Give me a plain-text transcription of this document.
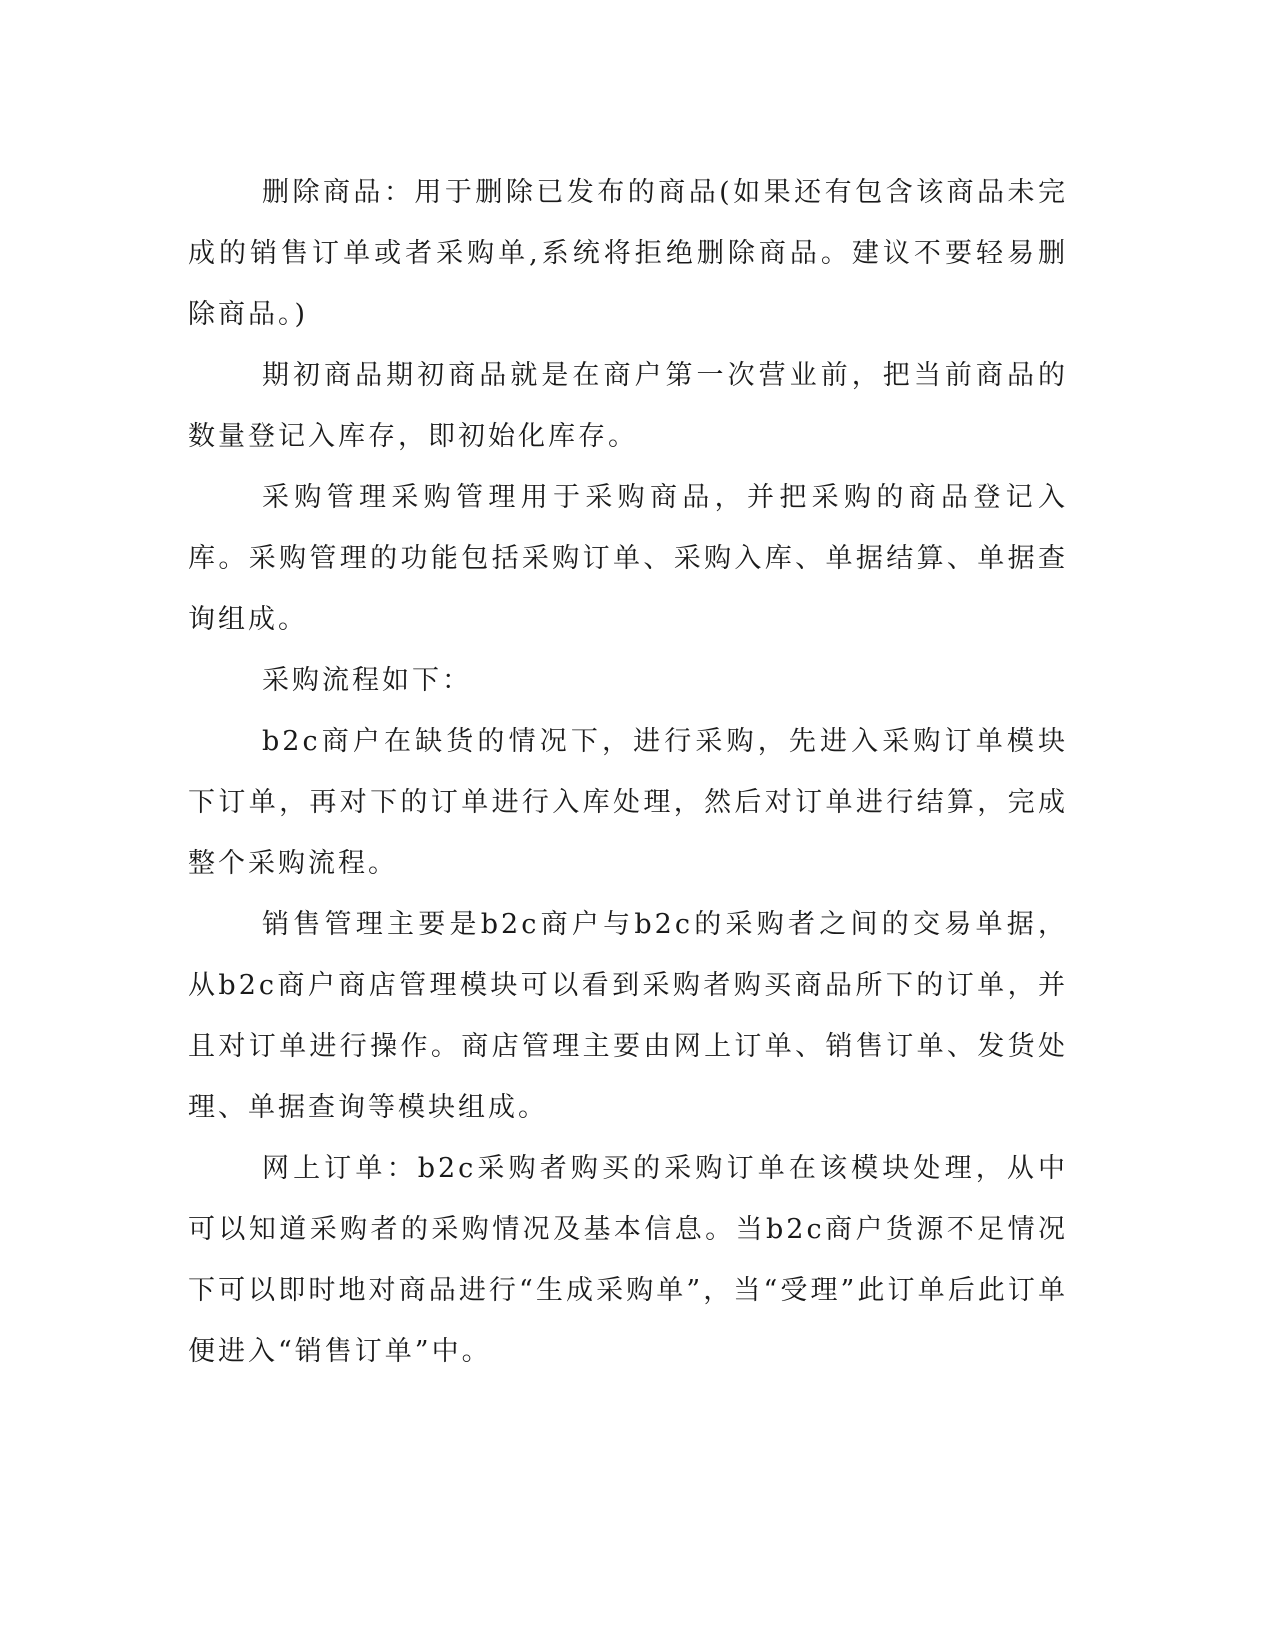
删除商品：用于删除已发布的商品(如果还有包含该商品未完成的销售订单或者采购单,系统将拒绝删除商品。建议不要轻易删除商品。)

期初商品期初商品就是在商户第一次营业前，把当前商品的数量登记入库存，即初始化库存。

采购管理采购管理用于采购商品，并把采购的商品登记入库。采购管理的功能包括采购订单、采购入库、单据结算、单据查询组成。

采购流程如下：

b2c商户在缺货的情况下，进行采购，先进入采购订单模块下订单，再对下的订单进行入库处理，然后对订单进行结算，完成整个采购流程。

销售管理主要是b2c商户与b2c的采购者之间的交易单据，从b2c商户商店管理模块可以看到采购者购买商品所下的订单，并且对订单进行操作。商店管理主要由网上订单、销售订单、发货处理、单据查询等模块组成。

网上订单：b2c采购者购买的采购订单在该模块处理，从中可以知道采购者的采购情况及基本信息。当b2c商户货源不足情况下可以即时地对商品进行“生成采购单”，当“受理”此订单后此订单便进入“销售订单”中。
